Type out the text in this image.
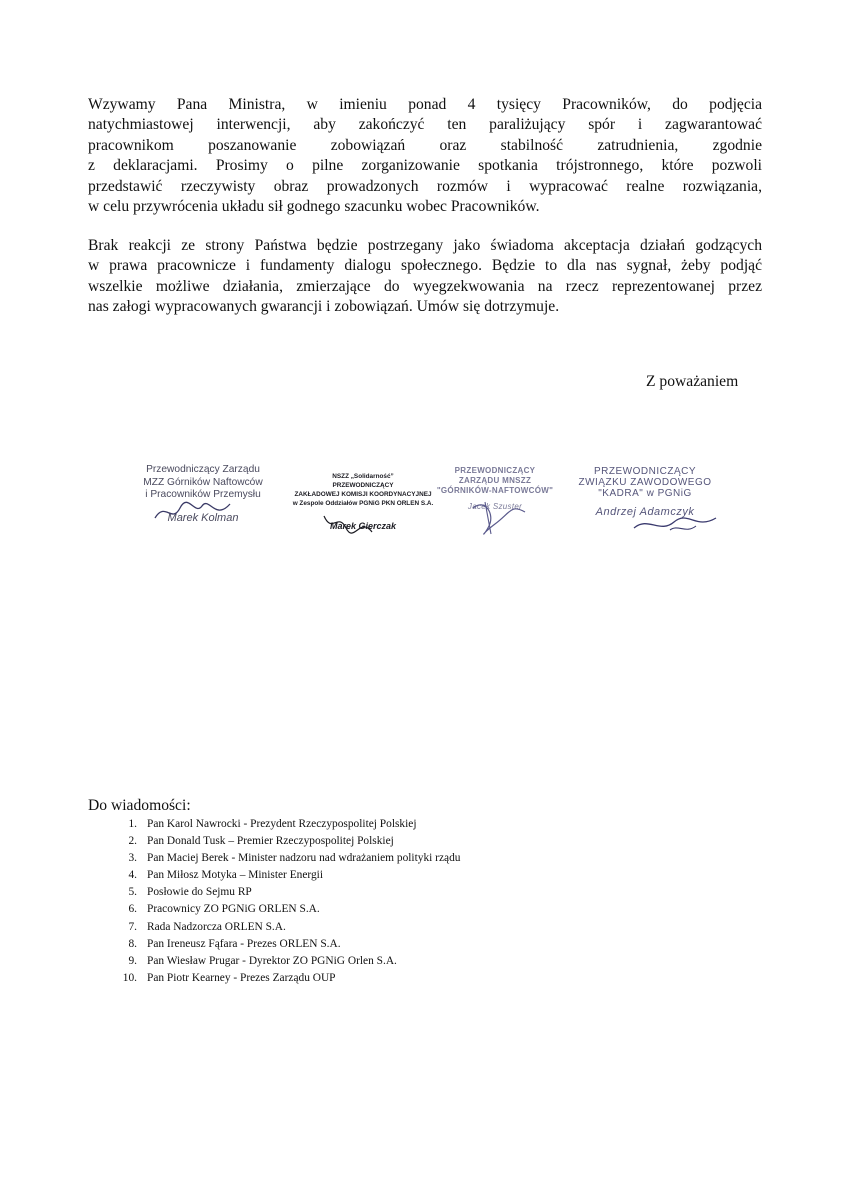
Wzywamy Pana Ministra, w imieniu ponad 4 tysięcy Pracowników, do podjęcia
natychmiastowej interwencji, aby zakończyć ten paraliżujący spór i zagwarantować
pracownikom poszanowanie zobowiązań oraz stabilność zatrudnienia, zgodnie
z deklaracjami. Prosimy o pilne zorganizowanie spotkania trójstronnego, które pozwoli
przedstawić rzeczywisty obraz prowadzonych rozmów i wypracować realne rozwiązania,
w celu przywrócenia układu sił godnego szacunku wobec Pracowników.

Brak reakcji ze strony Państwa będzie postrzegany jako świadoma akceptacja działań godzących
w prawa pracownicze i fundamenty dialogu społecznego. Będzie to dla nas sygnał, żeby podjąć
wszelkie możliwe działania, zmierzające do wyegzekwowania na rzecz reprezentowanej przez
nas załogi wypracowanych gwarancji i zobowiązań. Umów się dotrzymuje.

Z poważaniem
Przewodniczący Zarządu
MZZ Górników Naftowców
i Pracowników Przemysłu
Marek Kolman
NSZZ „Solidarność”
PRZEWODNICZĄCY
ZAKŁADOWEJ KOMISJI KOORDYNACYJNEJ
w Zespole Oddziałów PGNiG PKN ORLEN S.A.
Marek Gierczak
PRZEWODNICZĄCY
ZARZĄDU MNSZZ
"GÓRNIKÓW-NAFTOWCÓW"
Jacek Szuster
PRZEWODNICZĄCY
ZWIĄZKU ZAWODOWEGO
"KADRA" w PGNiG
Andrzej Adamczyk
Do wiadomości:
1. Pan Karol Nawrocki - Prezydent Rzeczypospolitej Polskiej
2. Pan Donald Tusk – Premier Rzeczypospolitej Polskiej
3. Pan Maciej Berek - Minister nadzoru nad wdrażaniem polityki rządu
4. Pan Miłosz Motyka – Minister Energii
5. Posłowie do Sejmu RP
6. Pracownicy ZO PGNiG ORLEN S.A.
7. Rada Nadzorcza ORLEN S.A.
8. Pan Ireneusz Fąfara - Prezes ORLEN S.A.
9. Pan Wiesław Prugar - Dyrektor ZO PGNiG Orlen S.A.
10. Pan Piotr Kearney - Prezes Zarządu OUP
